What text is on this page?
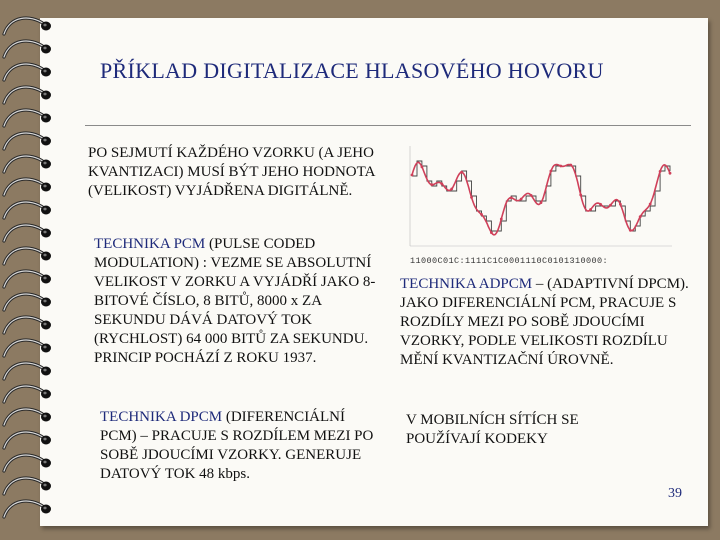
PŘÍKLAD DIGITALIZACE HLASOVÉHO HOVORU
PO SEJMUTÍ KAŽDÉHO VZORKU (A JEHO KVANTIZACI) MUSÍ BÝT JEHO HODNOTA (VELIKOST) VYJÁDŘENA DIGITÁLNĚ.
TECHNIKA PCM (PULSE CODED MODULATION) : VEZME SE ABSOLUTNÍ VELIKOST V ZORKU A VYJÁDŘÍ JAKO 8-BITOVÉ ČÍSLO, 8 BITŮ, 8000 x ZA SEKUNDU DÁVÁ DATOVÝ TOK (RYCHLOST) 64 000 BITŮ ZA SEKUNDU. PRINCIP POCHÁZÍ Z ROKU 1937.
TECHNIKA DPCM (DIFERENCIÁLNÍ PCM) – PRACUJE S ROZDÍLEM MEZI PO SOBĚ JDOUCÍMI VZORKY. GENERUJE DATOVÝ TOK 48 kbps.
TECHNIKA ADPCM – (ADAPTIVNÍ DPCM). JAKO DIFERENCIÁLNÍ PCM, PRACUJE S ROZDÍLY MEZI PO SOBĚ JDOUCÍMI VZORKY, PODLE VELIKOSTI ROZDÍLU MĚNÍ KVANTIZAČNÍ ÚROVNĚ.
V MOBILNÍCH SÍTÍCH SE POUŽÍVAJÍ KODEKY
11000C01C:1111C1C0001110C0101310000:
39
